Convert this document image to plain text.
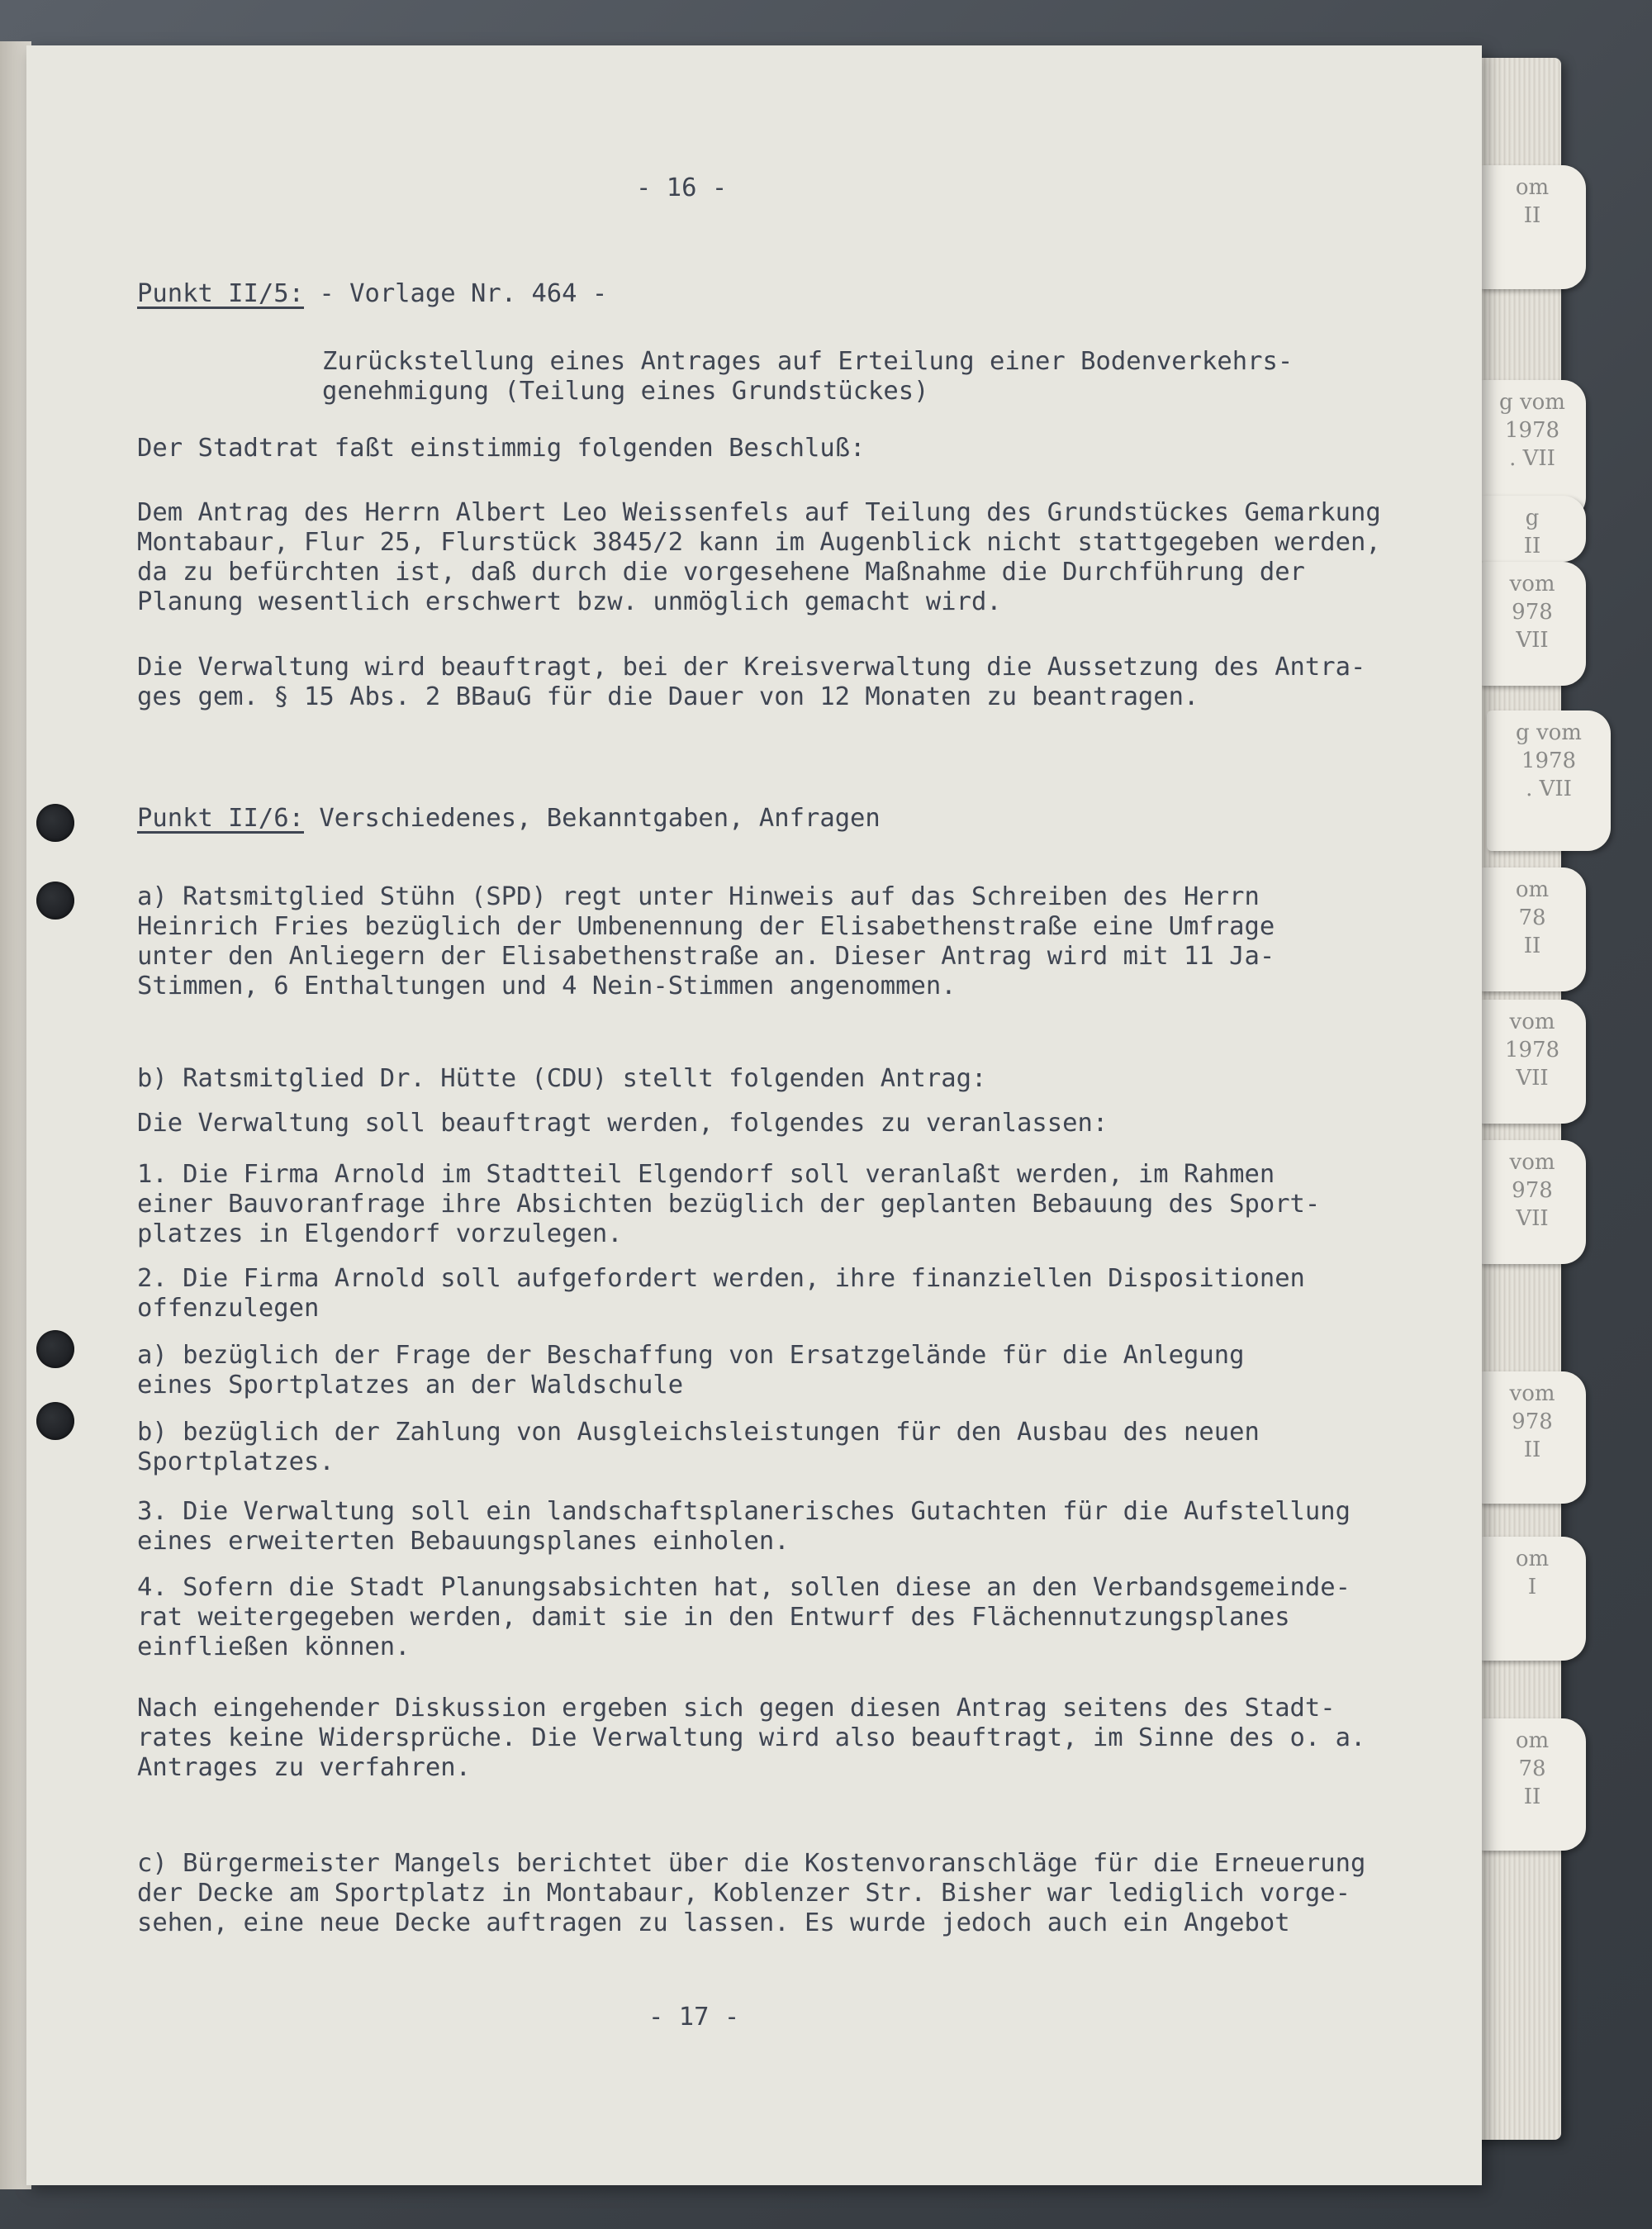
om
II
g vom
1978
. VII
g
II
vom
978
VII
g vom
1978
. VII
om
78
II
vom
1978
VII
vom
978
VII
vom
978
II
om
I
om
78
II
- 16 -
Punkt II/5: - Vorlage Nr. 464 -
Zurückstellung eines Antrages auf Erteilung einer Bodenverkehrs-
genehmigung (Teilung eines Grundstückes)
Der Stadtrat faßt einstimmig folgenden Beschluß:
Dem Antrag des Herrn Albert Leo Weissenfels auf Teilung des Grundstückes Gemarkung
Montabaur, Flur 25, Flurstück 3845/2 kann im Augenblick nicht stattgegeben werden,
da zu befürchten ist, daß durch die vorgesehene Maßnahme die Durchführung der
Planung wesentlich erschwert bzw. unmöglich gemacht wird.
Die Verwaltung wird beauftragt, bei der Kreisverwaltung die Aussetzung des Antra-
ges gem. § 15 Abs. 2 BBauG für die Dauer von 12 Monaten zu beantragen.
Punkt II/6: Verschiedenes, Bekanntgaben, Anfragen
a) Ratsmitglied Stühn (SPD) regt unter Hinweis auf das Schreiben des Herrn
Heinrich Fries bezüglich der Umbenennung der Elisabethenstraße eine Umfrage
unter den Anliegern der Elisabethenstraße an. Dieser Antrag wird mit 11 Ja-
Stimmen, 6 Enthaltungen und 4 Nein-Stimmen angenommen.
b) Ratsmitglied Dr. Hütte (CDU) stellt folgenden Antrag:
Die Verwaltung soll beauftragt werden, folgendes zu veranlassen:
1. Die Firma Arnold im Stadtteil Elgendorf soll veranlaßt werden, im Rahmen
einer Bauvoranfrage ihre Absichten bezüglich der geplanten Bebauung des Sport-
platzes in Elgendorf vorzulegen.
2. Die Firma Arnold soll aufgefordert werden, ihre finanziellen Dispositionen
offenzulegen
a) bezüglich der Frage der Beschaffung von Ersatzgelände für die Anlegung
eines Sportplatzes an der Waldschule
b) bezüglich der Zahlung von Ausgleichsleistungen für den Ausbau des neuen
Sportplatzes.
3. Die Verwaltung soll ein landschaftsplanerisches Gutachten für die Aufstellung
eines erweiterten Bebauungsplanes einholen.
4. Sofern die Stadt Planungsabsichten hat, sollen diese an den Verbandsgemeinde-
rat weitergegeben werden, damit sie in den Entwurf des Flächennutzungsplanes
einfließen können.
Nach eingehender Diskussion ergeben sich gegen diesen Antrag seitens des Stadt-
rates keine Widersprüche. Die Verwaltung wird also beauftragt, im Sinne des o. a.
Antrages zu verfahren.
c) Bürgermeister Mangels berichtet über die Kostenvoranschläge für die Erneuerung
der Decke am Sportplatz in Montabaur, Koblenzer Str. Bisher war lediglich vorge-
sehen, eine neue Decke auftragen zu lassen. Es wurde jedoch auch ein Angebot
- 17 -
